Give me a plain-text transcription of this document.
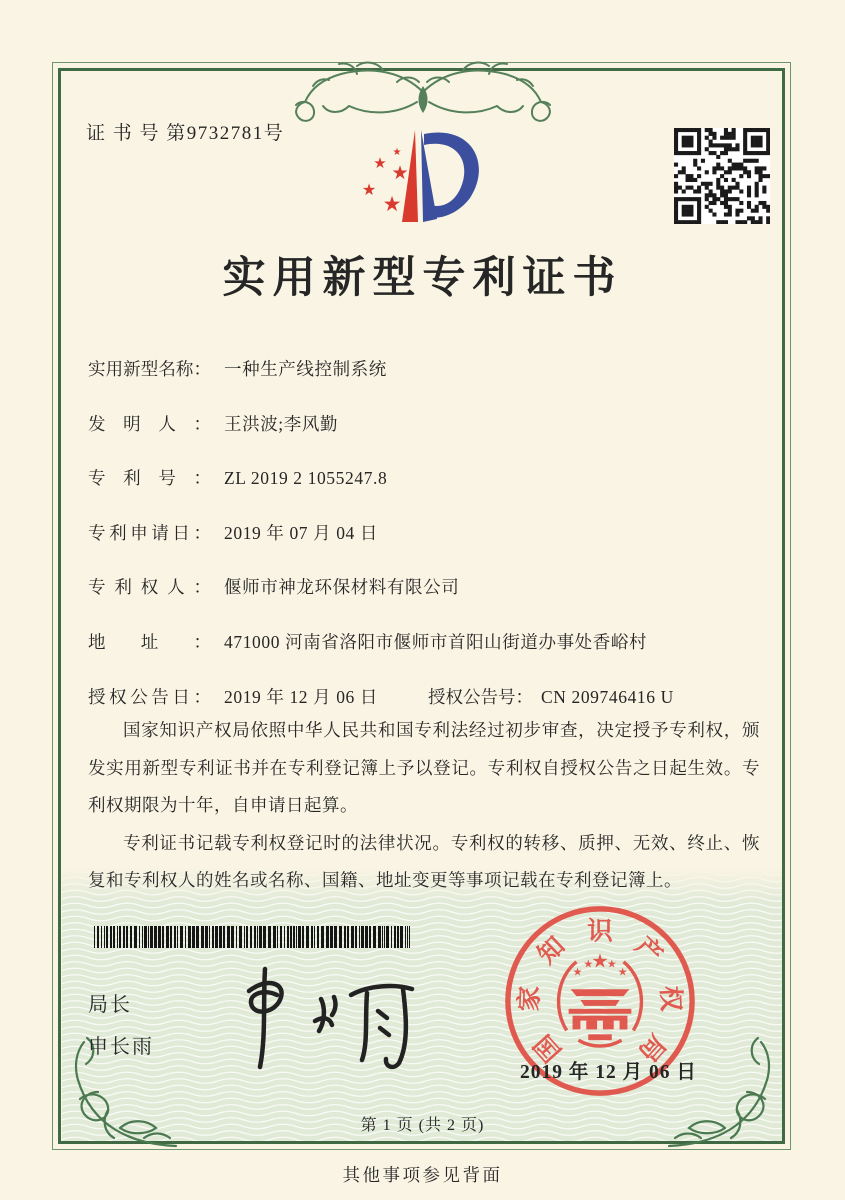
证 书 号 第9732781号
★
★
★
★
★
实用新型专利证书
实用新型名称： 一种生产线控制系统
发明人： 王洪波;李风勤
专利号： ZL 2019 2 1055247.8
专利申请日： 2019 年 07 月 04 日
专利权人： 偃师市神龙环保材料有限公司
地址： 471000 河南省洛阳市偃师市首阳山街道办事处香峪村
授权公告日： 2019 年 12 月 06 日	授权公告号： CN 209746416 U

国家知识产权局依照中华人民共和国专利法经过初步审查，决定授予专利权，颁发实用新型专利证书并在专利登记簿上予以登记。专利权自授权公告之日起生效。专利权期限为十年，自申请日起算。

专利证书记载专利权登记时的法律状况。专利权的转移、质押、无效、终止、恢复和专利权人的姓名或名称、国籍、地址变更等事项记载在专利登记簿上。

局长
申长雨	国
家
知
识
产
权
局
★
★
★ ★
★
2019 年 12 月 06 日
第 1 页 (共 2 页)
其他事项参见背面
